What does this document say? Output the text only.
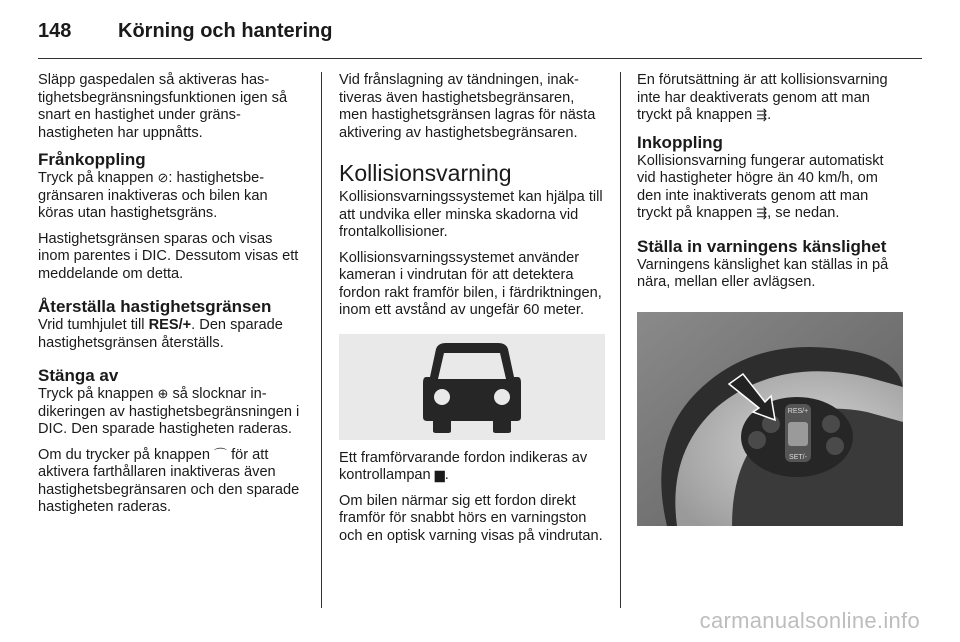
148	Körning och hantering

Släpp gaspedalen så aktiveras hastighetsbegränsningsfunktionen igen så snart en hastighet under gränshastigheten har uppnåtts.

Frånkoppling

Tryck på knappen ⊘: hastighetsbegränsaren inaktiveras och bilen kan köras utan hastighetsgräns.

Hastighetsgränsen sparas och visas inom parentes i DIC. Dessutom visas ett meddelande om detta.

Återställa hastighetsgränsen

Vrid tumhjulet till RES/+. Den sparade hastighetsgränsen återställs.

Stänga av

Tryck på knappen ⊕ så slocknar indikeringen av hastighetsbegränsningen i DIC. Den sparade hastigheten raderas.

Om du trycker på knappen ⌒ för att aktivera farthållaren inaktiveras även hastighetsbegränsaren och den sparade hastigheten raderas.

Vid frånslagning av tändningen, inaktiveras även hastighetsbegränsaren, men hastighetsgränsen lagras för nästa aktivering av hastighetsbegränsaren.

Kollisionsvarning

Kollisionsvarningssystemet kan hjälpa till att undvika eller minska skadorna vid frontalkollisioner.

Kollisionsvarningssystemet använder kameran i vindrutan för att detektera fordon rakt framför bilen, i färdriktningen, inom ett avstånd av ungefär 60 meter.

Ett framförvarande fordon indikeras av kontrollampan ▆.

Om bilen närmar sig ett fordon direkt framför för snabbt hörs en varningston och en optisk varning visas på vindrutan.

En förutsättning är att kollisionsvarning inte har deaktiverats genom att man tryckt på knappen ⇶.

Inkoppling

Kollisionsvarning fungerar automatiskt vid hastigheter högre än 40 km/h, om den inte inaktiverats genom att man tryckt på knappen ⇶, se nedan.

Ställa in varningens känslighet

Varningens känslighet kan ställas in på nära, mellan eller avlägsen.

RES/+
SET/-
carmanualsonline.info
